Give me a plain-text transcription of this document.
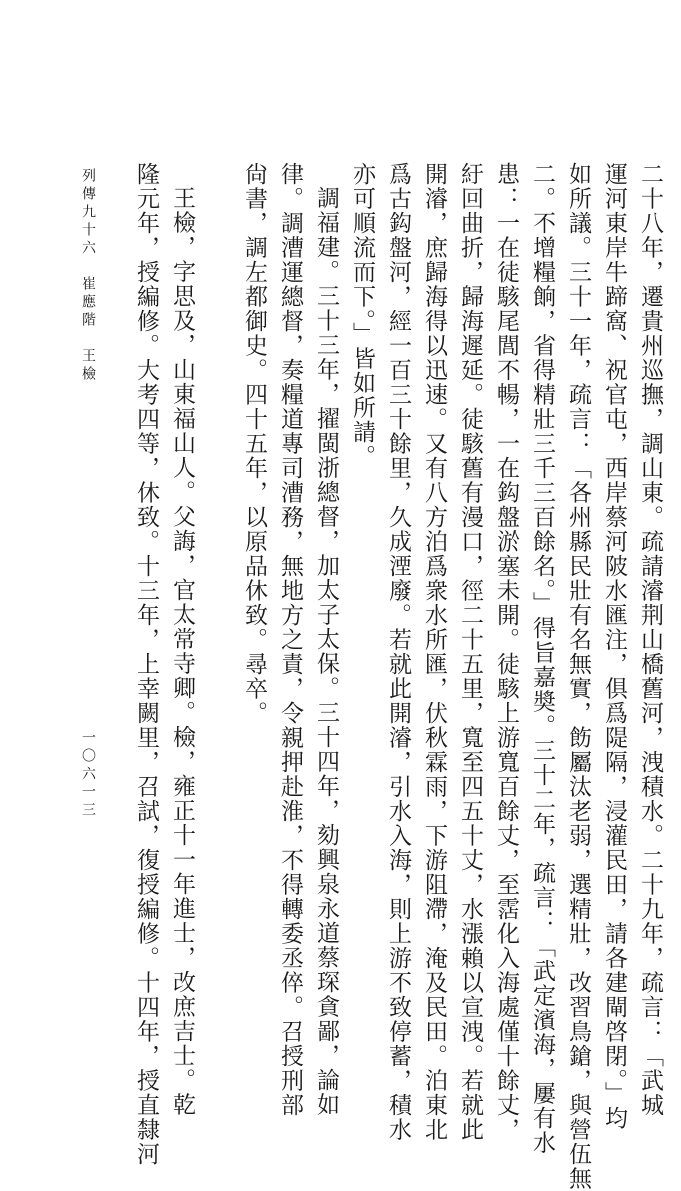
二十八年，遷貴州巡撫，調山東。疏請濬荆山橋舊河，洩積水。二十九年，疏言：「武城
運河東岸牛蹄窩、祝官屯，西岸蔡河陂水匯注，俱爲隄隔，浸灌民田，請各建閘啓閉。」均
如所議。三十一年，疏言：「各州縣民壯有名無實，飭屬汰老弱，選精壯，改習鳥鎗，與營伍無
二。不增糧餉，省得精壯三千三百餘名。」得旨嘉奬。三十二年，疏言：「武定濱海，屢有水
患：一在徒駭尾閭不暢，一在鈎盤淤塞未開。徒駭上游寬百餘丈，至霑化入海處僅十餘丈，
紆回曲折，歸海遲延。徒駭舊有漫口，徑二十五里，寬至四五十丈，水漲賴以宣洩。若就此
開濬，庶歸海得以迅速。又有八方泊爲衆水所匯，伏秋霖雨，下游阻滯，淹及民田。泊東北
爲古鈎盤河，經一百三十餘里，久成湮廢。若就此開濬，引水入海，則上游不致停蓄，積水
亦可順流而下。」皆如所請。
調福建。三十三年，擢閩浙總督，加太子太保。三十四年，劾興泉永道蔡琛貪鄙，論如
律。調漕運總督，奏糧道專司漕務，無地方之責，令親押赴淮，不得轉委丞倅。召授刑部
尙書，調左都御史。四十五年，以原品休致。尋卒。
王檢，字思及，山東福山人。父誨，官太常寺卿。檢，雍正十一年進士，改庶吉士。乾
隆元年，授編修。大考四等，休致。十三年，上幸闕里，召試，復授編修。十四年，授直隸河
列傳九十六　崔應階　王檢
一〇六一三
